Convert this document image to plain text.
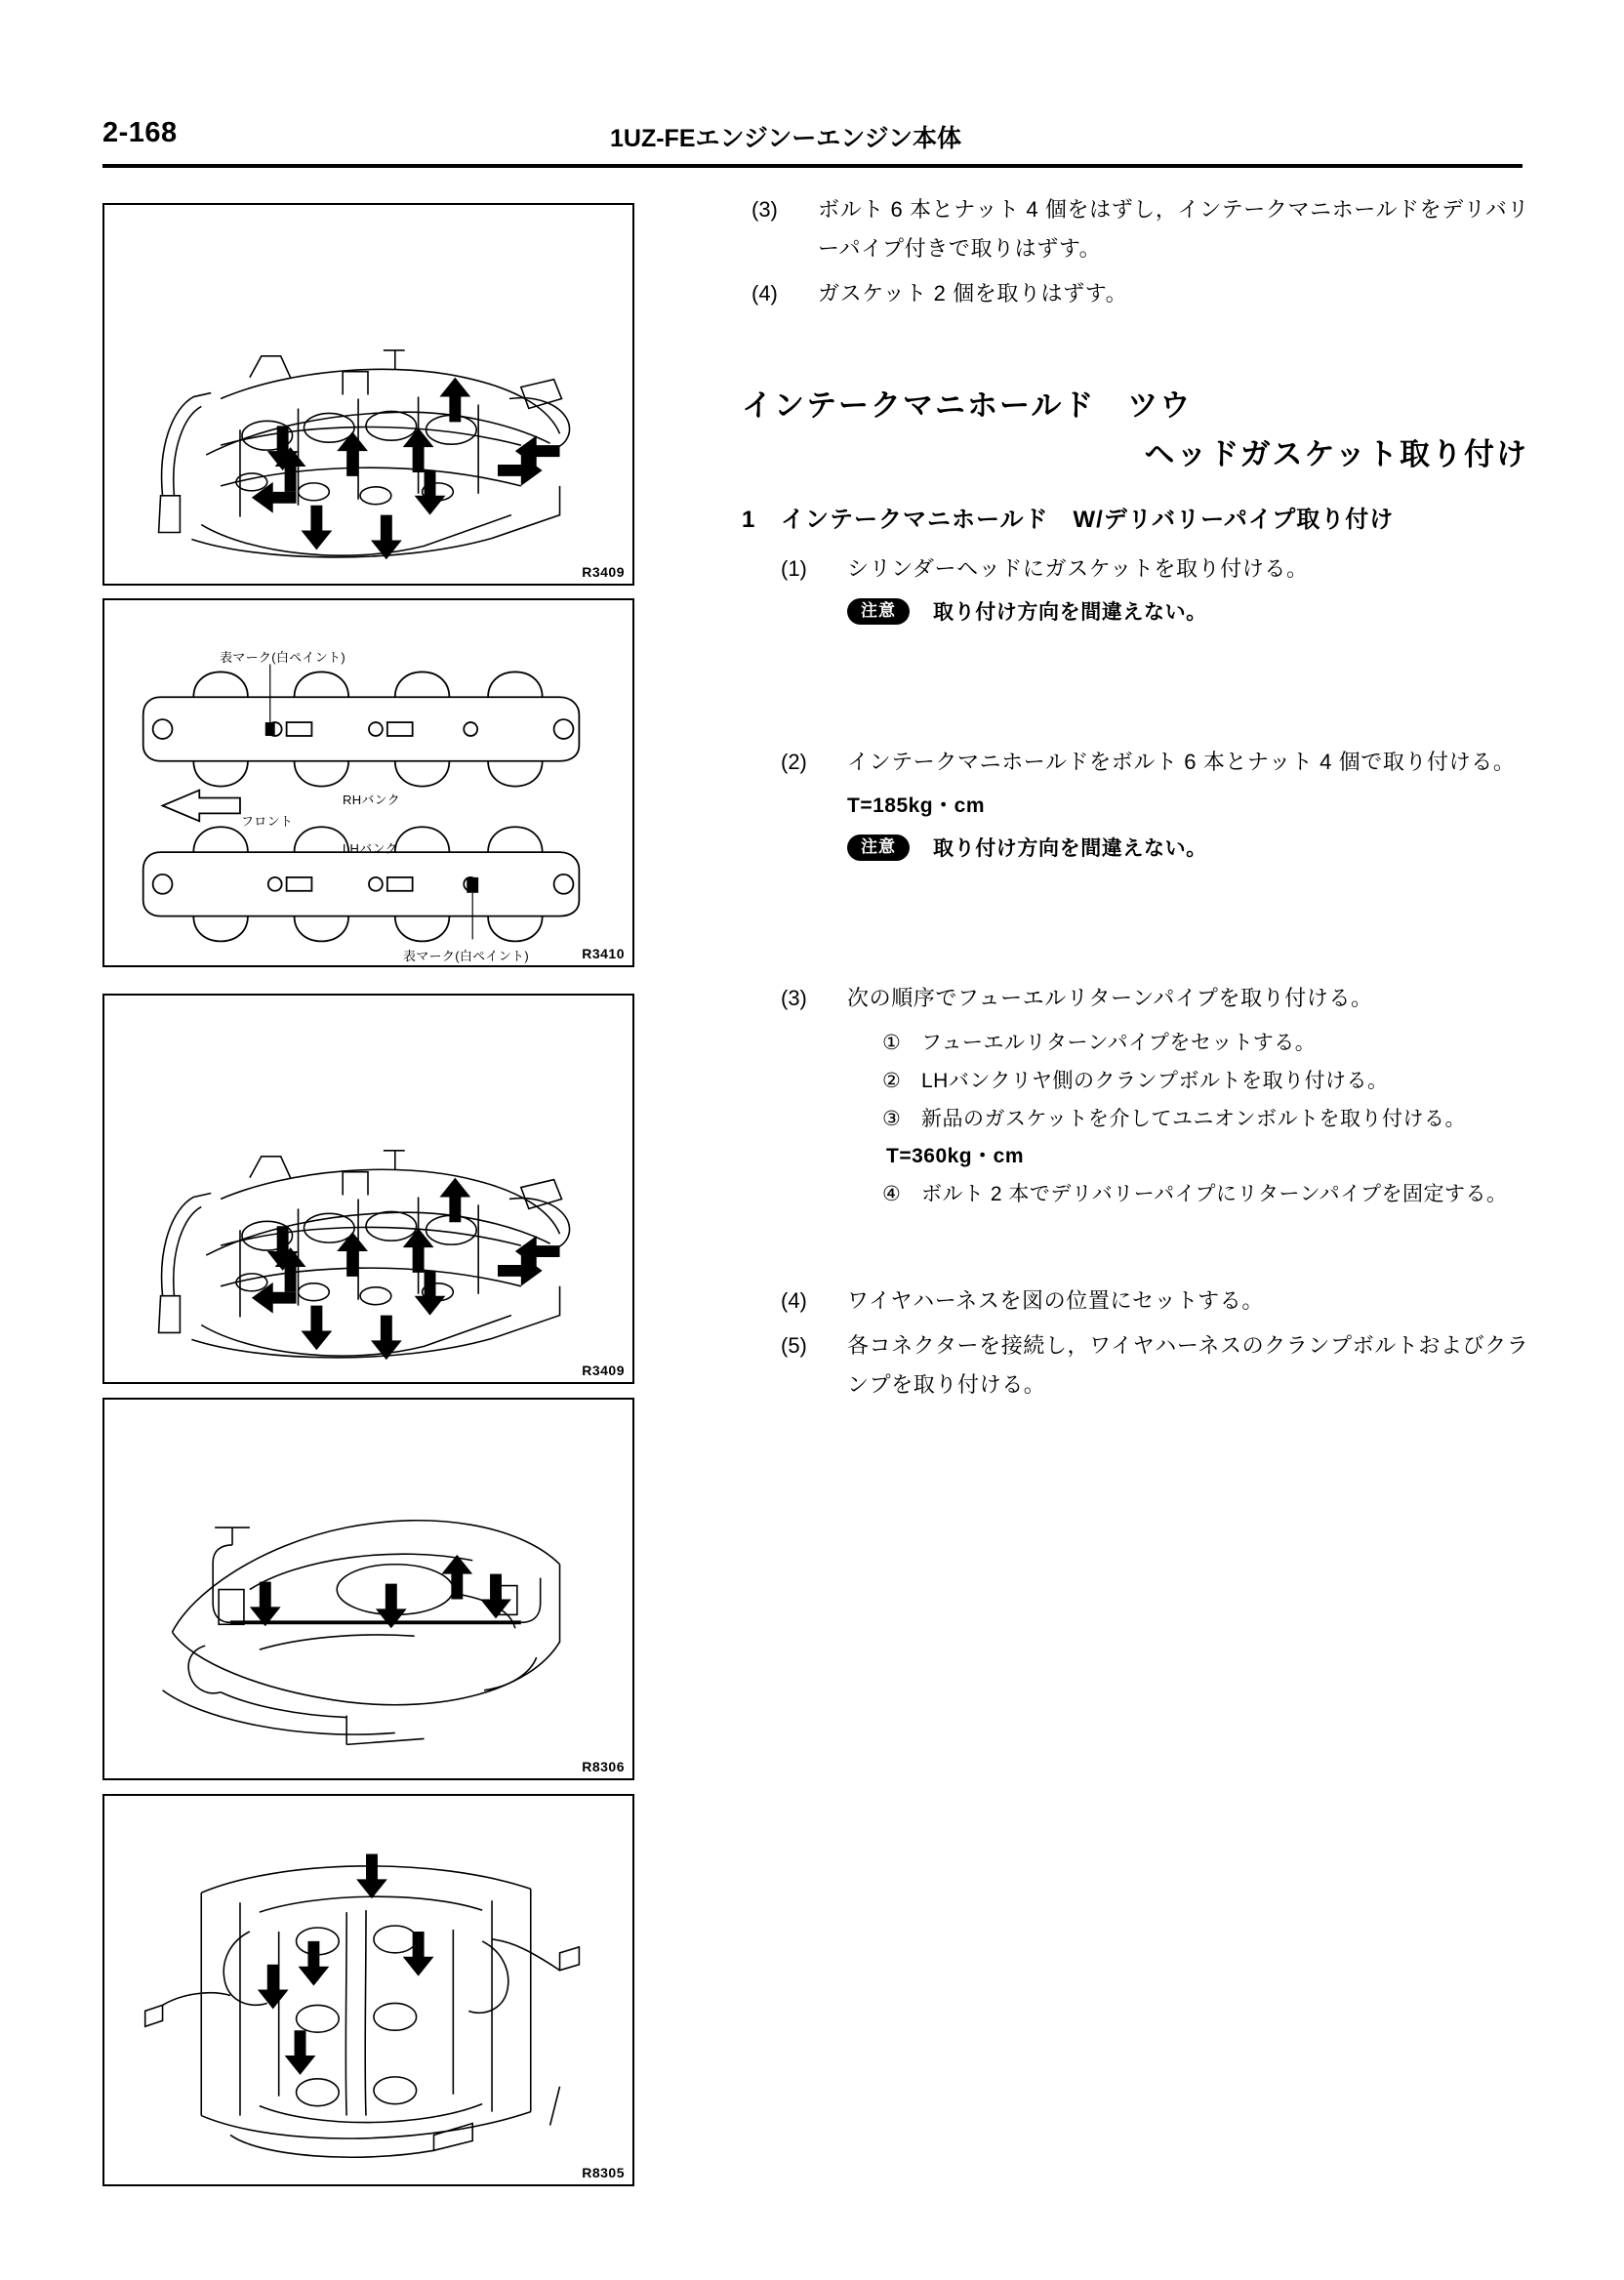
2-168	1UZ-FEエンジンーエンジン本体
R3409
表マーク(白ペイント)
RHバンク
LHバンク
フロント
表マーク(白ペイント)	R3410
R3409
R8306
R8305
(3)	ボルト 6 本とナット 4 個をはずし，インテークマニホールドをデリバリーパイプ付きで取りはずす。
(4)	ガスケット 2 個を取りはずす。
インテークマニホールド　ツウ
ヘッドガスケット取り付け
1 インテークマニホールド　W/デリバリーパイプ取り付け
(1)	シリンダーヘッドにガスケットを取り付ける。
注意	取り付け方向を間違えない。
(2)	インテークマニホールドをボルト 6 本とナット 4 個で取り付ける。
T=185kg・cm
注意	取り付け方向を間違えない。
(3)	次の順序でフューエルリターンパイプを取り付ける。
① フューエルリターンパイプをセットする。
② LHバンクリヤ側のクランプボルトを取り付ける。
③ 新品のガスケットを介してユニオンボルトを取り付ける。
T=360kg・cm
④ ボルト 2 本でデリバリーパイプにリターンパイプを固定する。
(4)	ワイヤハーネスを図の位置にセットする。
(5)	各コネクターを接続し，ワイヤハーネスのクランプボルトおよびクランプを取り付ける。
